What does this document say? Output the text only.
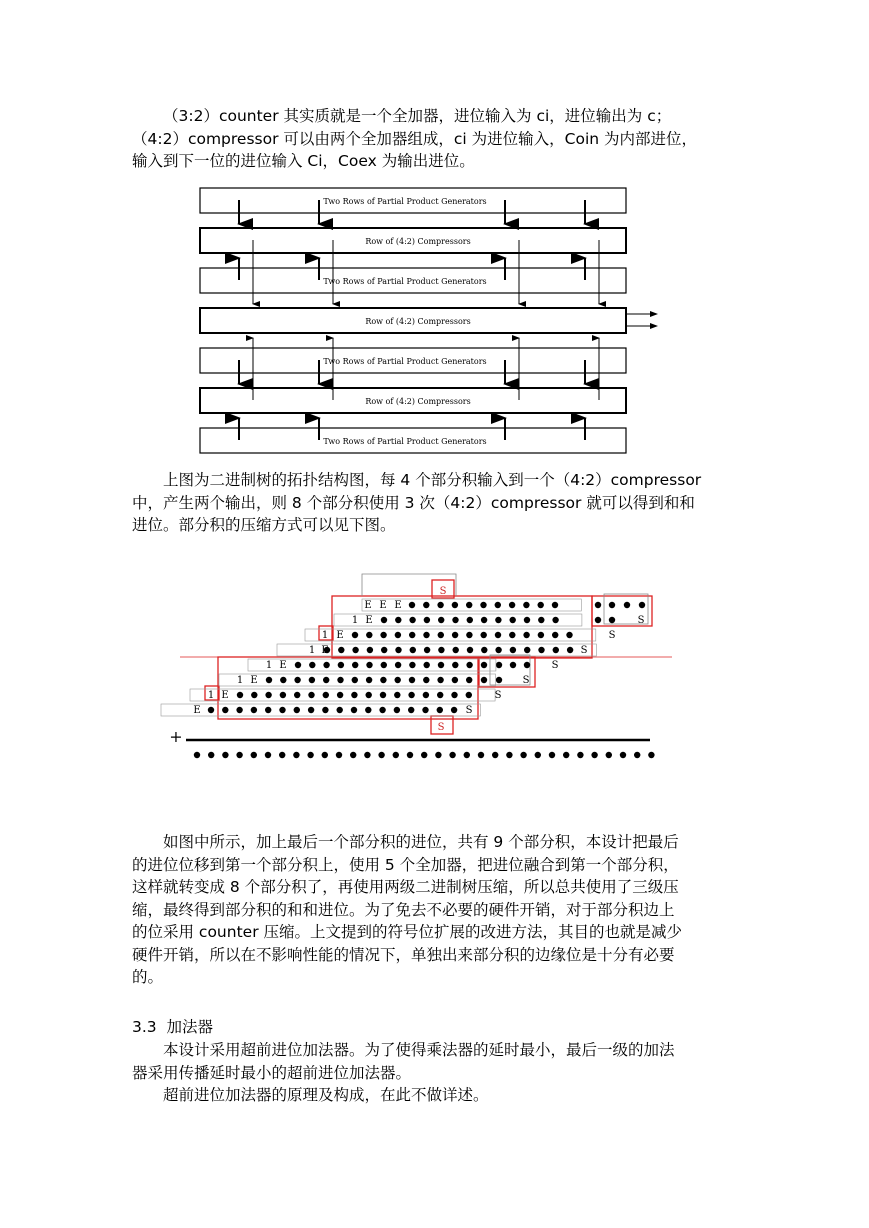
（3:2）counter 其实质就是一个全加器，进位输入为 ci，进位输出为 c；

（4:2）compressor 可以由两个全加器组成，ci 为进位输入，Coin 为内部进位，

输入到下一位的进位输入 Ci，Coex 为输出进位。

Two Rows of Partial Product Generators
Row of (4:2) Compressors
Two Rows of Partial Product Generators
Row of (4:2) Compressors
Two Rows of Partial Product Generators
Row of (4:2) Compressors
Two Rows of Partial Product Generators

上图为二进制树的拓扑结构图，每 4 个部分积输入到一个（4:2）compressor

中，产生两个输出，则 8 个部分积使用 3 次（4:2）compressor 就可以得到和和

进位。部分积的压缩方式可以见下图。

S
S
E E E
1 E
1 E
1 E
1 E
1 E
1 E
E
S
S
S
S
S
S
S
+

如图中所示，加上最后一个部分积的进位，共有 9 个部分积，本设计把最后

的进位位移到第一个部分积上，使用 5 个全加器，把进位融合到第一个部分积，

这样就转变成 8 个部分积了，再使用两级二进制树压缩，所以总共使用了三级压

缩，最终得到部分积的和和进位。为了免去不必要的硬件开销，对于部分积边上

的位采用 counter 压缩。上文提到的符号位扩展的改进方法，其目的也就是减少

硬件开销，所以在不影响性能的情况下，单独出来部分积的边缘位是十分有必要

的。

3.3 加法器

本设计采用超前进位加法器。为了使得乘法器的延时最小，最后一级的加法

器采用传播延时最小的超前进位加法器。

超前进位加法器的原理及构成，在此不做详述。
